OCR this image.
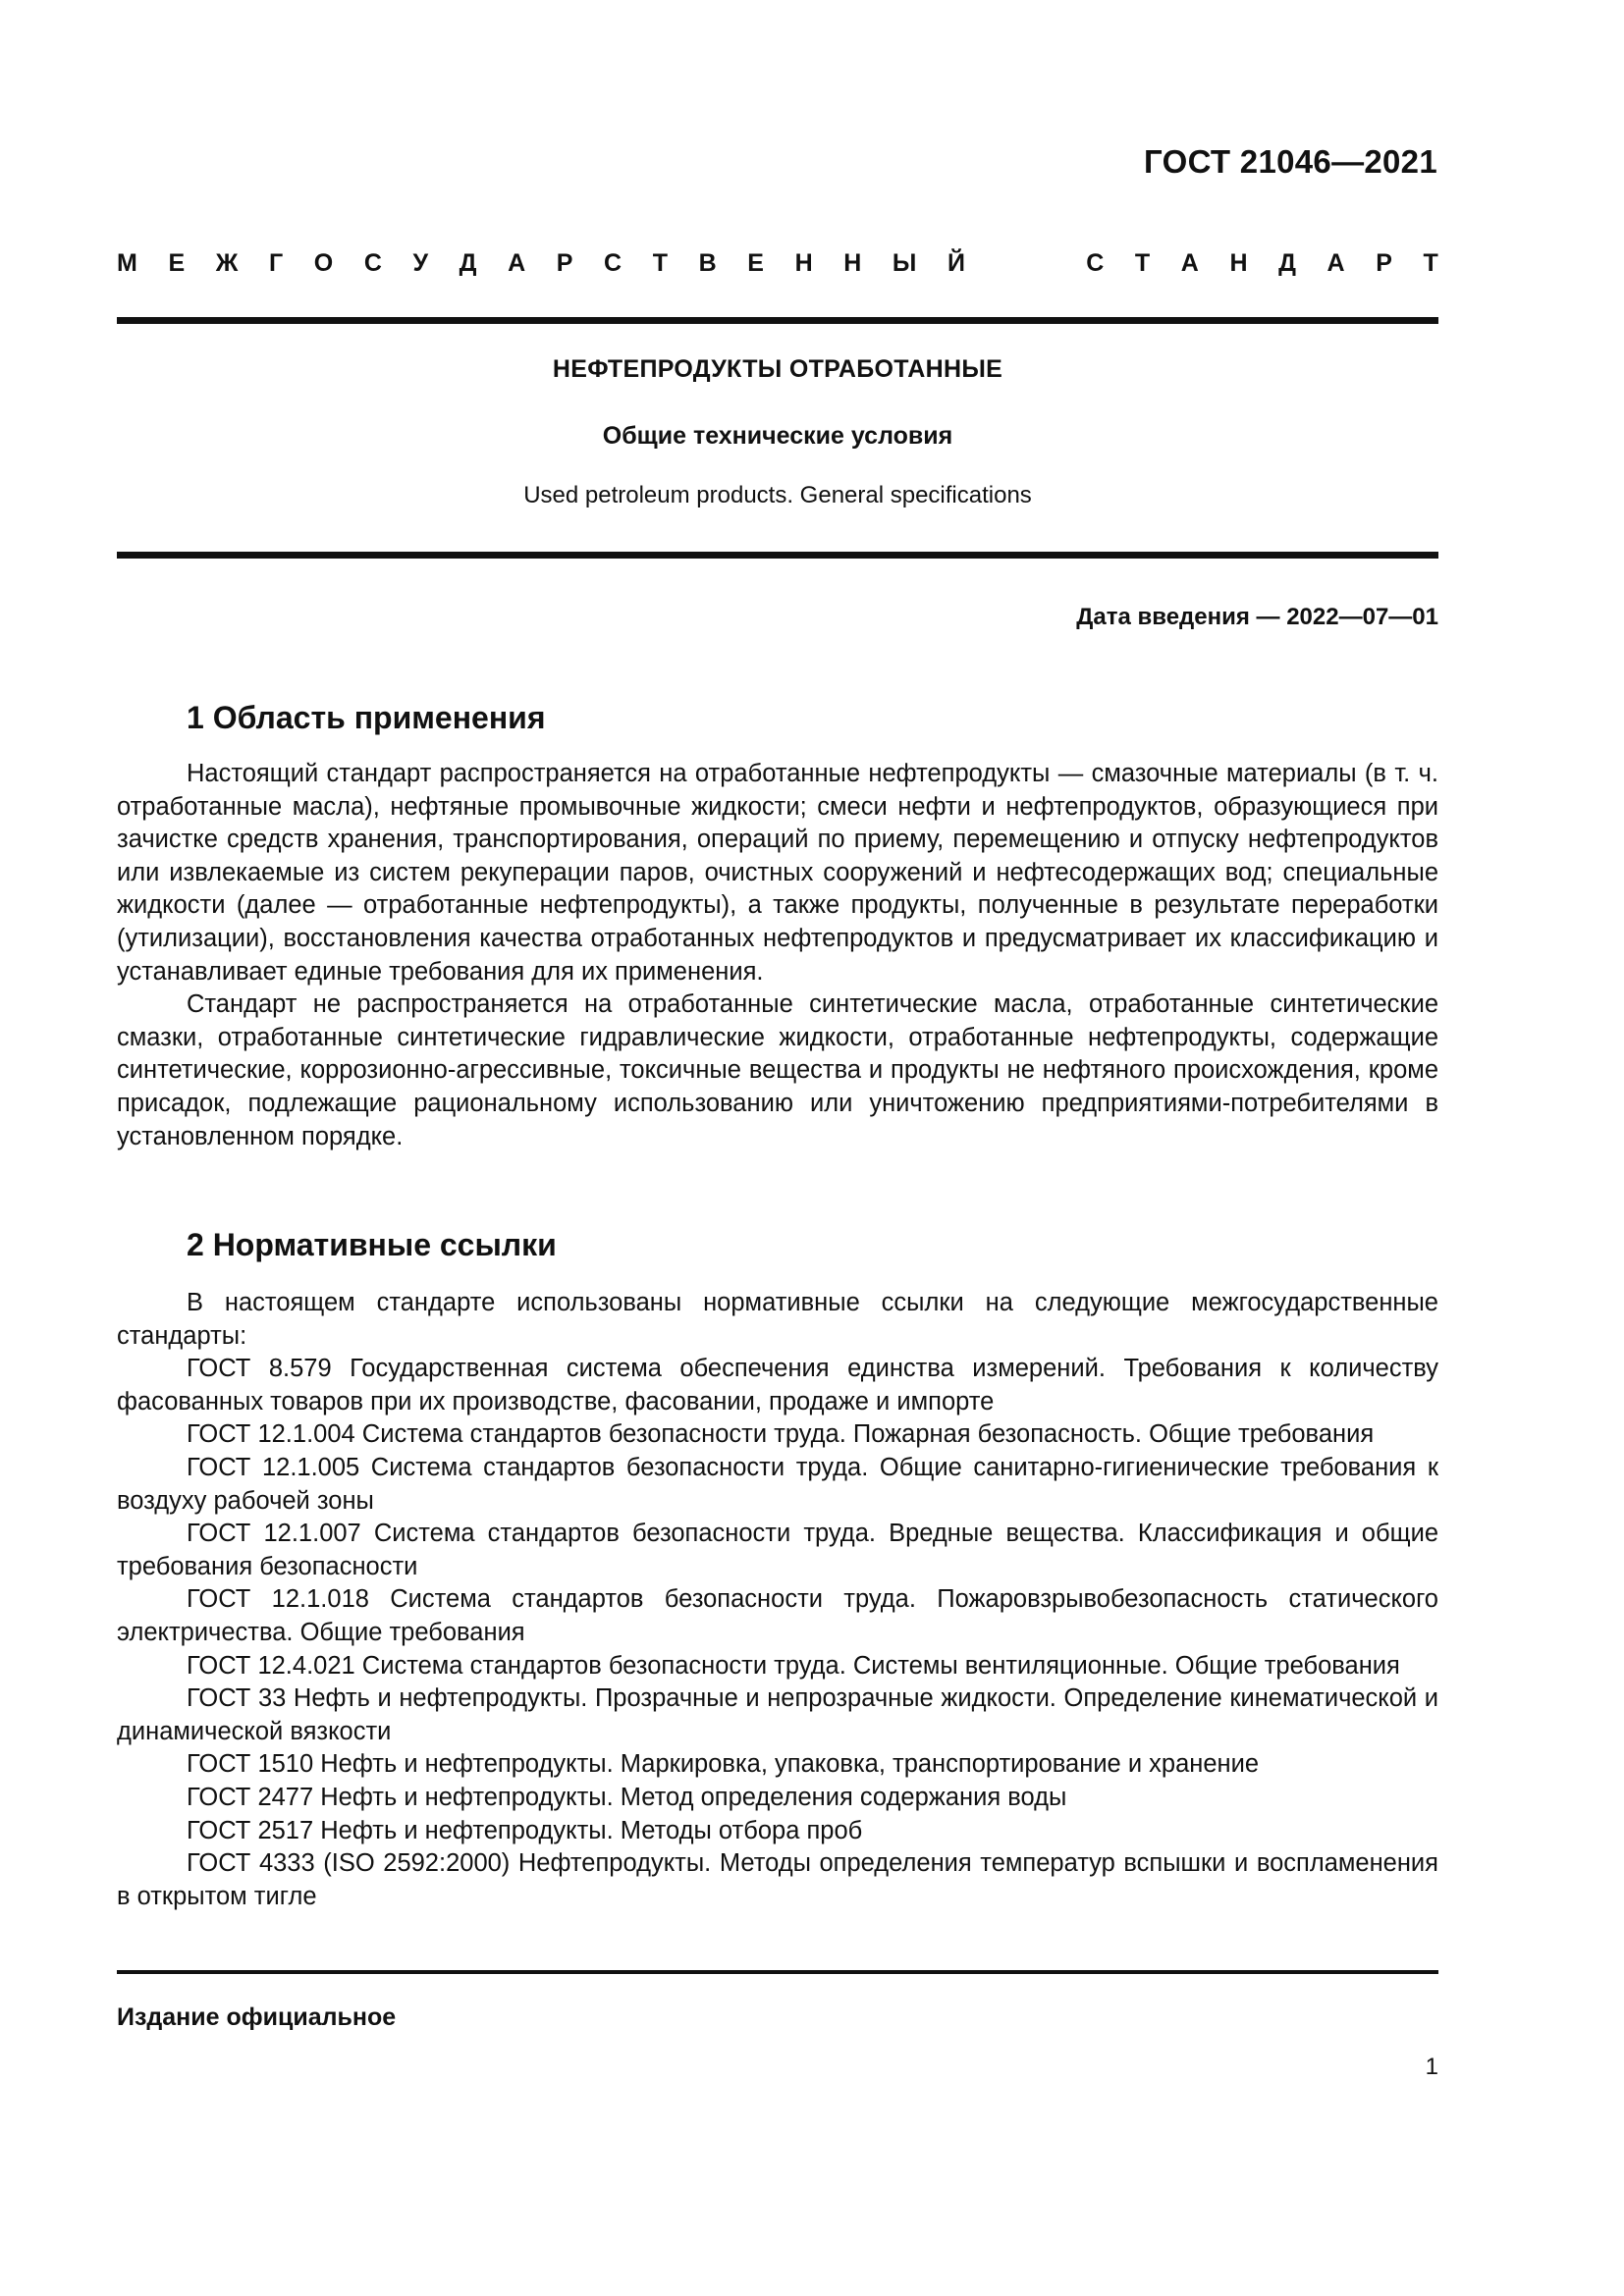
ГОСТ 21046—2021
М Е Ж Г О С У Д А Р С Т В Е Н Н Ы Й	С Т А Н Д А Р Т
НЕФТЕПРОДУКТЫ ОТРАБОТАННЫЕ
Общие технические условия
Used petroleum products. General specifications
Дата введения — 2022—07—01
1 Область применения

Настоящий стандарт распространяется на отработанные нефтепродукты — смазочные материалы (в т. ч. отработанные масла), нефтяные промывочные жидкости; смеси нефти и нефтепродуктов, образующиеся при зачистке средств хранения, транспортирования, операций по приему, перемещению и отпуску нефтепродуктов или извлекаемые из систем рекуперации паров, очистных сооружений и нефтесодержащих вод; специальные жидкости (далее — отработанные нефтепродукты), а также продукты, полученные в результате переработки (утилизации), восстановления качества отработанных нефтепродуктов и предусматривает их классификацию и устанавливает единые требования для их применения.

Стандарт не распространяется на отработанные синтетические масла, отработанные синтетические смазки, отработанные синтетические гидравлические жидкости, отработанные нефтепродукты, содержащие синтетические, коррозионно-агрессивные, токсичные вещества и продукты не нефтяного происхождения, кроме присадок, подлежащие рациональному использованию или уничтожению предприятиями-потребителями в установленном порядке.

2 Нормативные ссылки

В настоящем стандарте использованы нормативные ссылки на следующие межгосударственные стандарты:

ГОСТ 8.579 Государственная система обеспечения единства измерений. Требования к количеству фасованных товаров при их производстве, фасовании, продаже и импорте

ГОСТ 12.1.004 Система стандартов безопасности труда. Пожарная безопасность. Общие требования

ГОСТ 12.1.005 Система стандартов безопасности труда. Общие санитарно-гигиенические требования к воздуху рабочей зоны

ГОСТ 12.1.007 Система стандартов безопасности труда. Вредные вещества. Классификация и общие требования безопасности

ГОСТ 12.1.018 Система стандартов безопасности труда. Пожаровзрывобезопасность статического электричества. Общие требования

ГОСТ 12.4.021 Система стандартов безопасности труда. Системы вентиляционные. Общие требования

ГОСТ 33 Нефть и нефтепродукты. Прозрачные и непрозрачные жидкости. Определение кинематической и динамической вязкости

ГОСТ 1510 Нефть и нефтепродукты. Маркировка, упаковка, транспортирование и хранение

ГОСТ 2477 Нефть и нефтепродукты. Метод определения содержания воды

ГОСТ 2517 Нефть и нефтепродукты. Методы отбора проб

ГОСТ 4333 (ISO 2592:2000) Нефтепродукты. Методы определения температур вспышки и воспламенения в открытом тигле

Издание официальное
1
